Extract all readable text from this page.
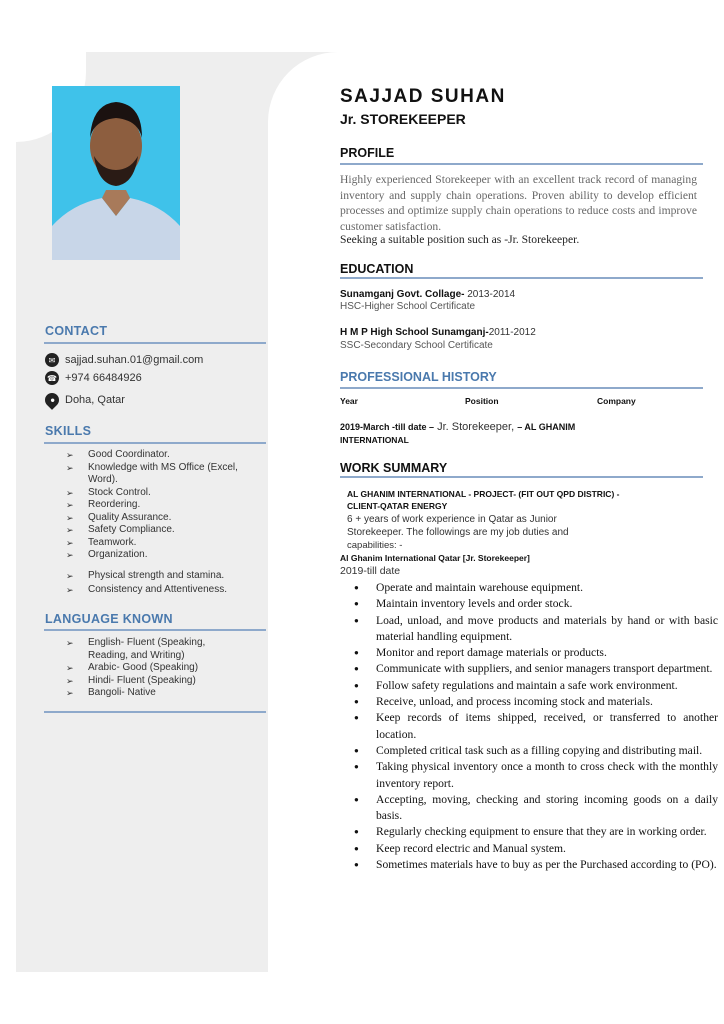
CONTACT
✉ sajjad.suhan.01@gmail.com
☎ +974 66484926
● Doha, Qatar
SKILLS
➢ Good Coordinator.
➢ Knowledge with MS Office (Excel, Word).
➢ Stock Control.
➢ Reordering.
➢ Quality Assurance.
➢ Safety Compliance.
➢ Teamwork.
➢ Organization.
➢ Physical strength and stamina.
➢ Consistency and Attentiveness.
LANGUAGE KNOWN
➢ English- Fluent (Speaking, Reading, and Writing)
➢ Arabic- Good (Speaking)
➢ Hindi- Fluent (Speaking)
➢ Bangoli- Native
SAJJAD SUHAN
Jr. STOREKEEPER
PROFILE

Highly experienced Storekeeper with an excellent track record of managing inventory and supply chain operations. Proven ability to develop efficient processes and optimize supply chain operations to reduce costs and improve customer satisfaction.

Seeking a suitable position such as -Jr. Storekeeper.
EDUCATION
Sunamganj Govt. Collage- 2013-2014
HSC-Higher School Certificate
H M P High School Sunamganj-2011-2012
SSC-Secondary School Certificate
PROFESSIONAL HISTORY
Year	Position	Company
2019-March -till date – Jr. Storekeeper, – AL GHANIM
INTERNATIONAL
WORK SUMMARY
AL GHANIM INTERNATIONAL - PROJECT- (FIT OUT QPD DISTRIC) -
CLIENT-QATAR ENERGY
6 + years of work experience in Qatar as Junior
Storekeeper. The followings are my job duties and
capabilities: -
Al Ghanim International Qatar [Jr. Storekeeper]
2019-till date
● Operate and maintain warehouse equipment.
● Maintain inventory levels and order stock.
● Load, unload, and move products and materials by hand or with basic material handling equipment.
● Monitor and report damage materials or products.
● Communicate with suppliers, and senior managers transport department.
● Follow safety regulations and maintain a safe work environment.
● Receive, unload, and process incoming stock and materials.
● Keep records of items shipped, received, or transferred to another location.
● Completed critical task such as a filling copying and distributing mail.
● Taking physical inventory once a month to cross check with the monthly inventory report.
● Accepting, moving, checking and storing incoming goods on a daily basis.
● Regularly checking equipment to ensure that they are in working order.
● Keep record electric and Manual system.
● Sometimes materials have to buy as per the Purchased according to (PO).
